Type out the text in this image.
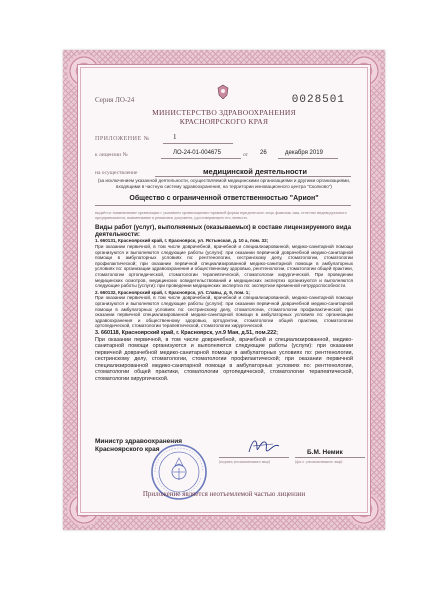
Серия ЛО-24	0028501
МИНИСТЕРСТВО ЗДРАВООХРАНЕНИЯ
КРАСНОЯРСКОГО КРАЯ
ПРИЛОЖЕНИЕ №	1
к лицензии №	ЛО-24-01-004675	от 26	декабря 2019
на осуществление	медицинской деятельности
(за исключением указанной деятельности, осуществляемой медицинскими организациями и другими организациями, входящими в частную систему здравоохранения, на территории инновационного центра "Сколково")
Общество с ограниченной ответственностью "Арион"
выдаётся: наименование организации с указанием организационно-правовой формы юридического лица, фамилия, имя, отчество индивидуального предпринимателя, наименование и реквизиты документа, удостоверяющего его личность
Виды работ (услуг), выполняемых (оказываемых) в составе лицензируемого вида деятельности:

1. 660131, Красноярский край, г. Красноярск, ул. Ястынская, д. 10 а, пом. 32;
При оказании первичной, в том числе доврачебной, врачебной и специализированной, медико-санитарной помощи организуются и выполняются следующие работы (услуги): при оказании первичной доврачебной медико-санитарной помощи в амбулаторных условиях по: рентгенологии, сестринскому делу, стоматологии, стоматологии профилактической; при оказании первичной специализированной медико-санитарной помощи в амбулаторных условиях по: организации здравоохранения и общественному здоровью, рентгенологии, стоматологии общей практики, стоматологии ортопедической, стоматологии терапевтической, стоматологии хирургической. При проведении медицинских осмотров, медицинских освидетельствований и медицинских экспертиз организуются и выполняются следующие работы (услуги): при проведении медицинских экспертиз по: экспертизе временной нетрудоспособности.

2. 660132, Красноярский край, г. Красноярск, ул. Славы, д. 9, пом. 1;
При оказании первичной, в том числе доврачебной, врачебной и специализированной, медико-санитарной помощи организуются и выполняются следующие работы (услуги): при оказании первичной доврачебной медико-санитарной помощи в амбулаторных условиях по: сестринскому делу, стоматологии, стоматологии профилактической; при оказании первичной специализированной медико-санитарной помощи в амбулаторных условиях по: организации здравоохранения и общественному здоровью, ортодонтии, стоматологии общей практики, стоматологии ортопедической, стоматологии терапевтической, стоматологии хирургической.

3. 660118, Красноярский край, г. Красноярск, ул.9 Мая, д.51, пом.222;
При оказании первичной, в том числе доврачебной, врачебной и специализированной, медико-санитарной помощи организуются и выполняются следующие работы (услуги): при оказании первичной доврачебной медико-санитарной помощи в амбулаторных условиях по: рентгенологии, сестринскому делу, стоматологии, стоматологии профилактической; при оказании первичной специализированной медико-санитарной помощи в амбулаторных условиях по: рентгенологии, стоматологии общей практики, стоматологии ортопедической, стоматологии терапевтической, стоматологии хирургической.

Министр здравоохранения
Красноярского края
(подпись уполномоченного лица)
Б.М. Немик
(ф.и.о. уполномоченного лица)
Приложение является неотъемлемой частью лицензии
